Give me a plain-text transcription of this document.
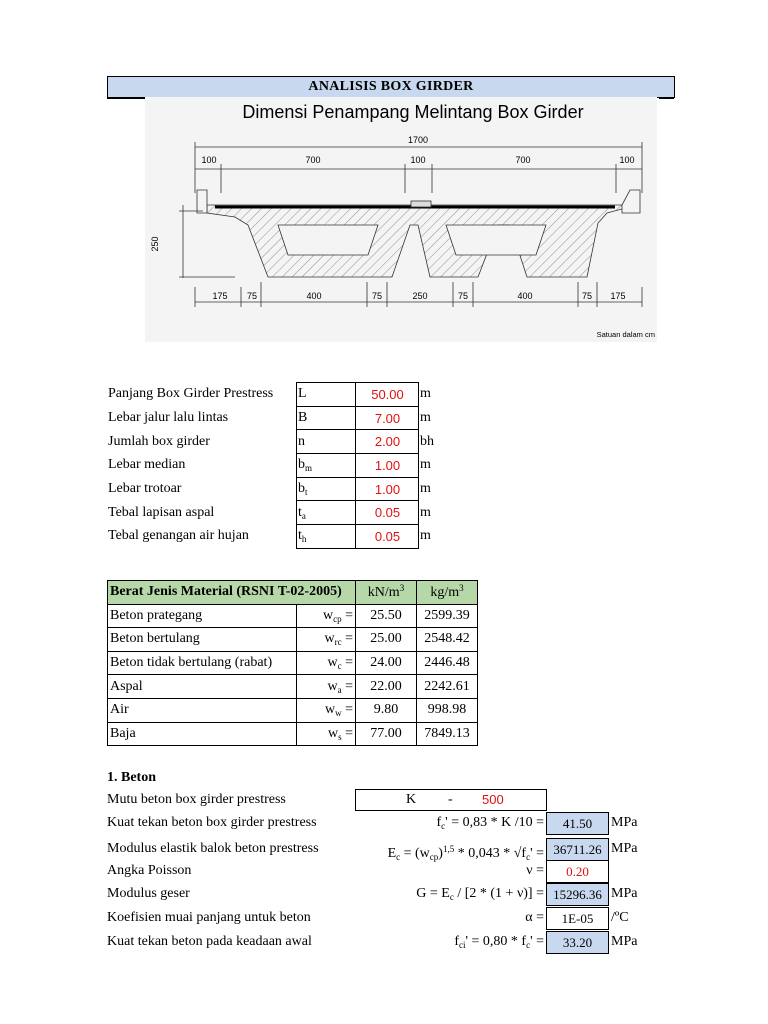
ANALISIS BOX GIRDER
Dimensi Penampang Melintang Box Girder
1700
100	700	100	700	100
250
175 75	400	75	250	75	400	75 175
Satuan dalam cm
Panjang Box Girder Prestress	L	50.00	m
Lebar jalur lalu lintas	B	7.00	m
Jumlah box girder	n	2.00	bh
Lebar median	$b_m$	1.00	m
Lebar trotoar	$b_t$	1.00	m
Tebal lapisan aspal	$t_a$	0.05	m
Tebal genangan air hujan	$t_h$	0.05	m
Berat Jenis Material (RSNI T-02-2005)		$kN/m^3$	$kg/m^3$
Beton prategang	$w_{cp}$ =	25.50	2599.39
Beton bertulang	$w_{rc}$ =	25.00	2548.42
Beton tidak bertulang (rabat)	$w_c$ =	24.00	2446.48
Aspal	$w_a$ =	22.00	2242.61
Air	$w_w$ =	9.80	998.98
Baja	$w_s$ =	77.00	7849.13
1. Beton
Mutu beton box girder prestress	K - 500
Kuat tekan beton box girder prestress	$f_c' = 0,83 * K$ /10 =	41.50	MPa
Modulus elastik balok beton prestress	$E_c = (w_{cp})^{1,5} * 0,043 * √f_c' = 36711.26$ MPa
Angka Poisson	ν =	0.20
Modulus geser	$G = E_c / [2 * (1 + \nu)] = 15296.36$ MPa
Koefisien muai panjang untuk beton	α =	1E-05	/ºC
Kuat tekan beton pada keadaan awal	$f_{ci}' = 0,80 * f_c'$ =	33.20	MPa
